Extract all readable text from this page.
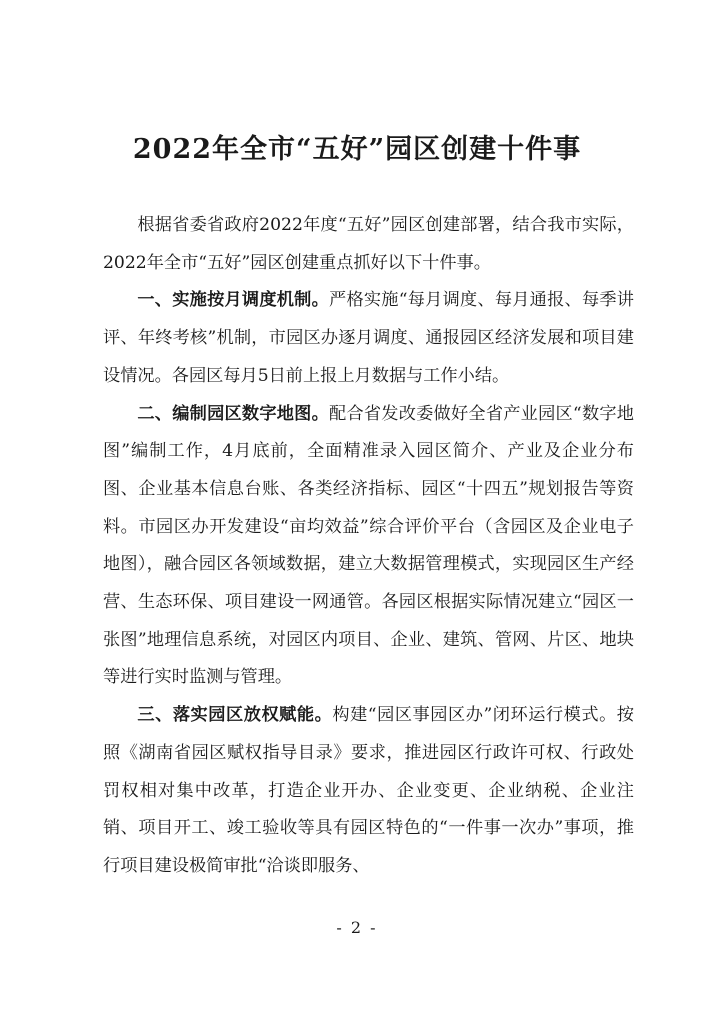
2022年全市“五好”园区创建十件事

根据省委省政府2022年度“五好”园区创建部署，结合我市实际，2022年全市“五好”园区创建重点抓好以下十件事。

一、实施按月调度机制。严格实施“每月调度、每月通报、每季讲评、年终考核”机制，市园区办逐月调度、通报园区经济发展和项目建设情况。各园区每月5日前上报上月数据与工作小结。

二、编制园区数字地图。配合省发改委做好全省产业园区“数字地图”编制工作，4月底前，全面精准录入园区简介、产业及企业分布图、企业基本信息台账、各类经济指标、园区“十四五”规划报告等资料。市园区办开发建设“亩均效益”综合评价平台（含园区及企业电子地图），融合园区各领域数据，建立大数据管理模式，实现园区生产经营、生态环保、项目建设一网通管。各园区根据实际情况建立“园区一张图”地理信息系统，对园区内项目、企业、建筑、管网、片区、地块等进行实时监测与管理。

三、落实园区放权赋能。构建“园区事园区办”闭环运行模式。按照《湖南省园区赋权指导目录》要求，推进园区行政许可权、行政处罚权相对集中改革，打造企业开办、企业变更、企业纳税、企业注销、项目开工、竣工验收等具有园区特色的“一件事一次办”事项，推行项目建设极简审批“洽谈即服务、

- 2 -
